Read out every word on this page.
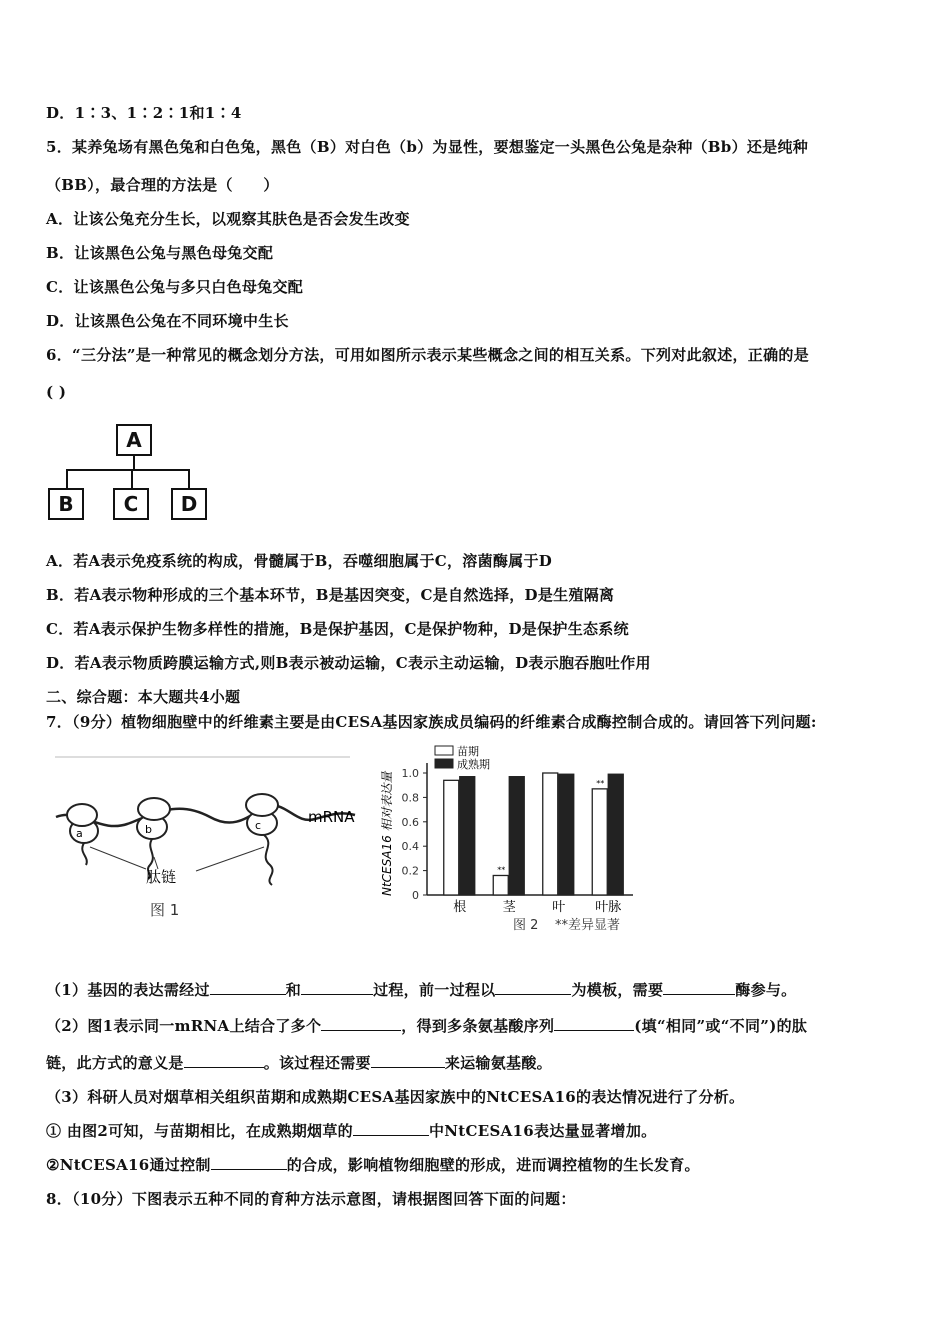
D．1∶3、1∶2∶1和1∶4
5．某养兔场有黑色兔和白色兔，黑色（B）对白色（b）为显性，要想鉴定一头黑色公兔是杂种（Bb）还是纯种
（BB），最合理的方法是（　　）
A．让该公兔充分生长，以观察其肤色是否会发生改变
B．让该黑色公兔与黑色母兔交配
C．让该黑色公兔与多只白色母兔交配
D．让该黑色公兔在不同环境中生长
6．“三分法”是一种常见的概念划分方法，可用如图所示表示某些概念之间的相互关系。下列对此叙述，正确的是
( )
A
B	C	D
A．若A表示免疫系统的构成，骨髓属于B，吞噬细胞属于C，溶菌酶属于D
B．若A表示物种形成的三个基本环节，B是基因突变，C是自然选择，D是生殖隔离
C．若A表示保护生物多样性的措施，B是保护基因，C是保护物种，D是保护生态系统
D．若A表示物质跨膜运输方式,则B表示被动运输，C表示主动运输，D表示胞吞胞吐作用
二、综合题：本大题共4小题
7．（9分）植物细胞壁中的纤维素主要是由CESA基因家族成员编码的纤维素合成酶控制合成的。请回答下列问题:
a	b	c	mRNA
肽链
图 1
NtCESA16 相对表达量 0
0.2
0.4
0.6
0.8
1.0
**
**
根	茎	叶 叶脉
苗期
成熟期
图 2 **差异显著
（1）基因的表达需经过	和	过程，前一过程以	为模板，需要	酶参与。
（2）图1表示同一mRNA上结合了多个	，得到多条氨基酸序列	(填“相同”或“不同”)的肽
链，此方式的意义是	。该过程还需要	来运输氨基酸。
（3）科研人员对烟草相关组织苗期和成熟期CESA基因家族中的NtCESA16的表达情况进行了分析。
① 由图2可知，与苗期相比，在成熟期烟草的	中NtCESA16表达量显著增加。
②NtCESA16通过控制	的合成，影响植物细胞壁的形成，进而调控植物的生长发育。
8．（10分）下图表示五种不同的育种方法示意图，请根据图回答下面的问题：
